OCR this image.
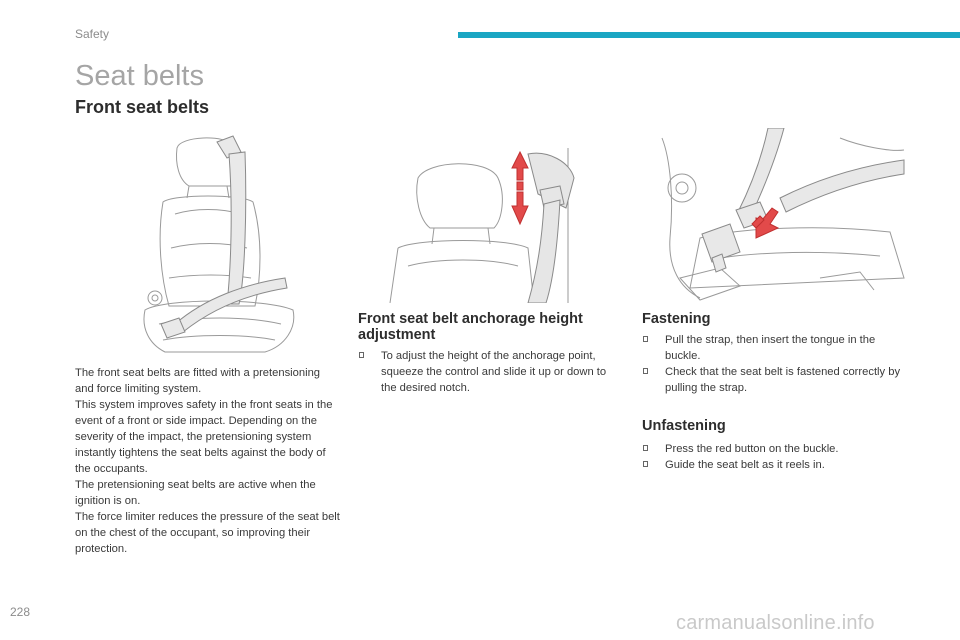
Safety
Seat belts
Front seat belts

The front seat belts are fitted with a pretensioning and force limiting system.

This system improves safety in the front seats in the event of a front or side impact. Depending on the severity of the impact, the pretensioning system instantly tightens the seat belts against the body of the occupants.

The pretensioning seat belts are active when the ignition is on.

The force limiter reduces the pressure of the seat belt on the chest of the occupant, so improving their protection.

Front seat belt anchorage height adjustment
To adjust the height of the anchorage point, squeeze the control and slide it up or down to the desired notch.
Fastening
Pull the strap, then insert the tongue in the buckle.
Check that the seat belt is fastened correctly by pulling the strap.
Unfastening
Press the red button on the buckle.
Guide the seat belt as it reels in.
228	carmanualsonline.info
